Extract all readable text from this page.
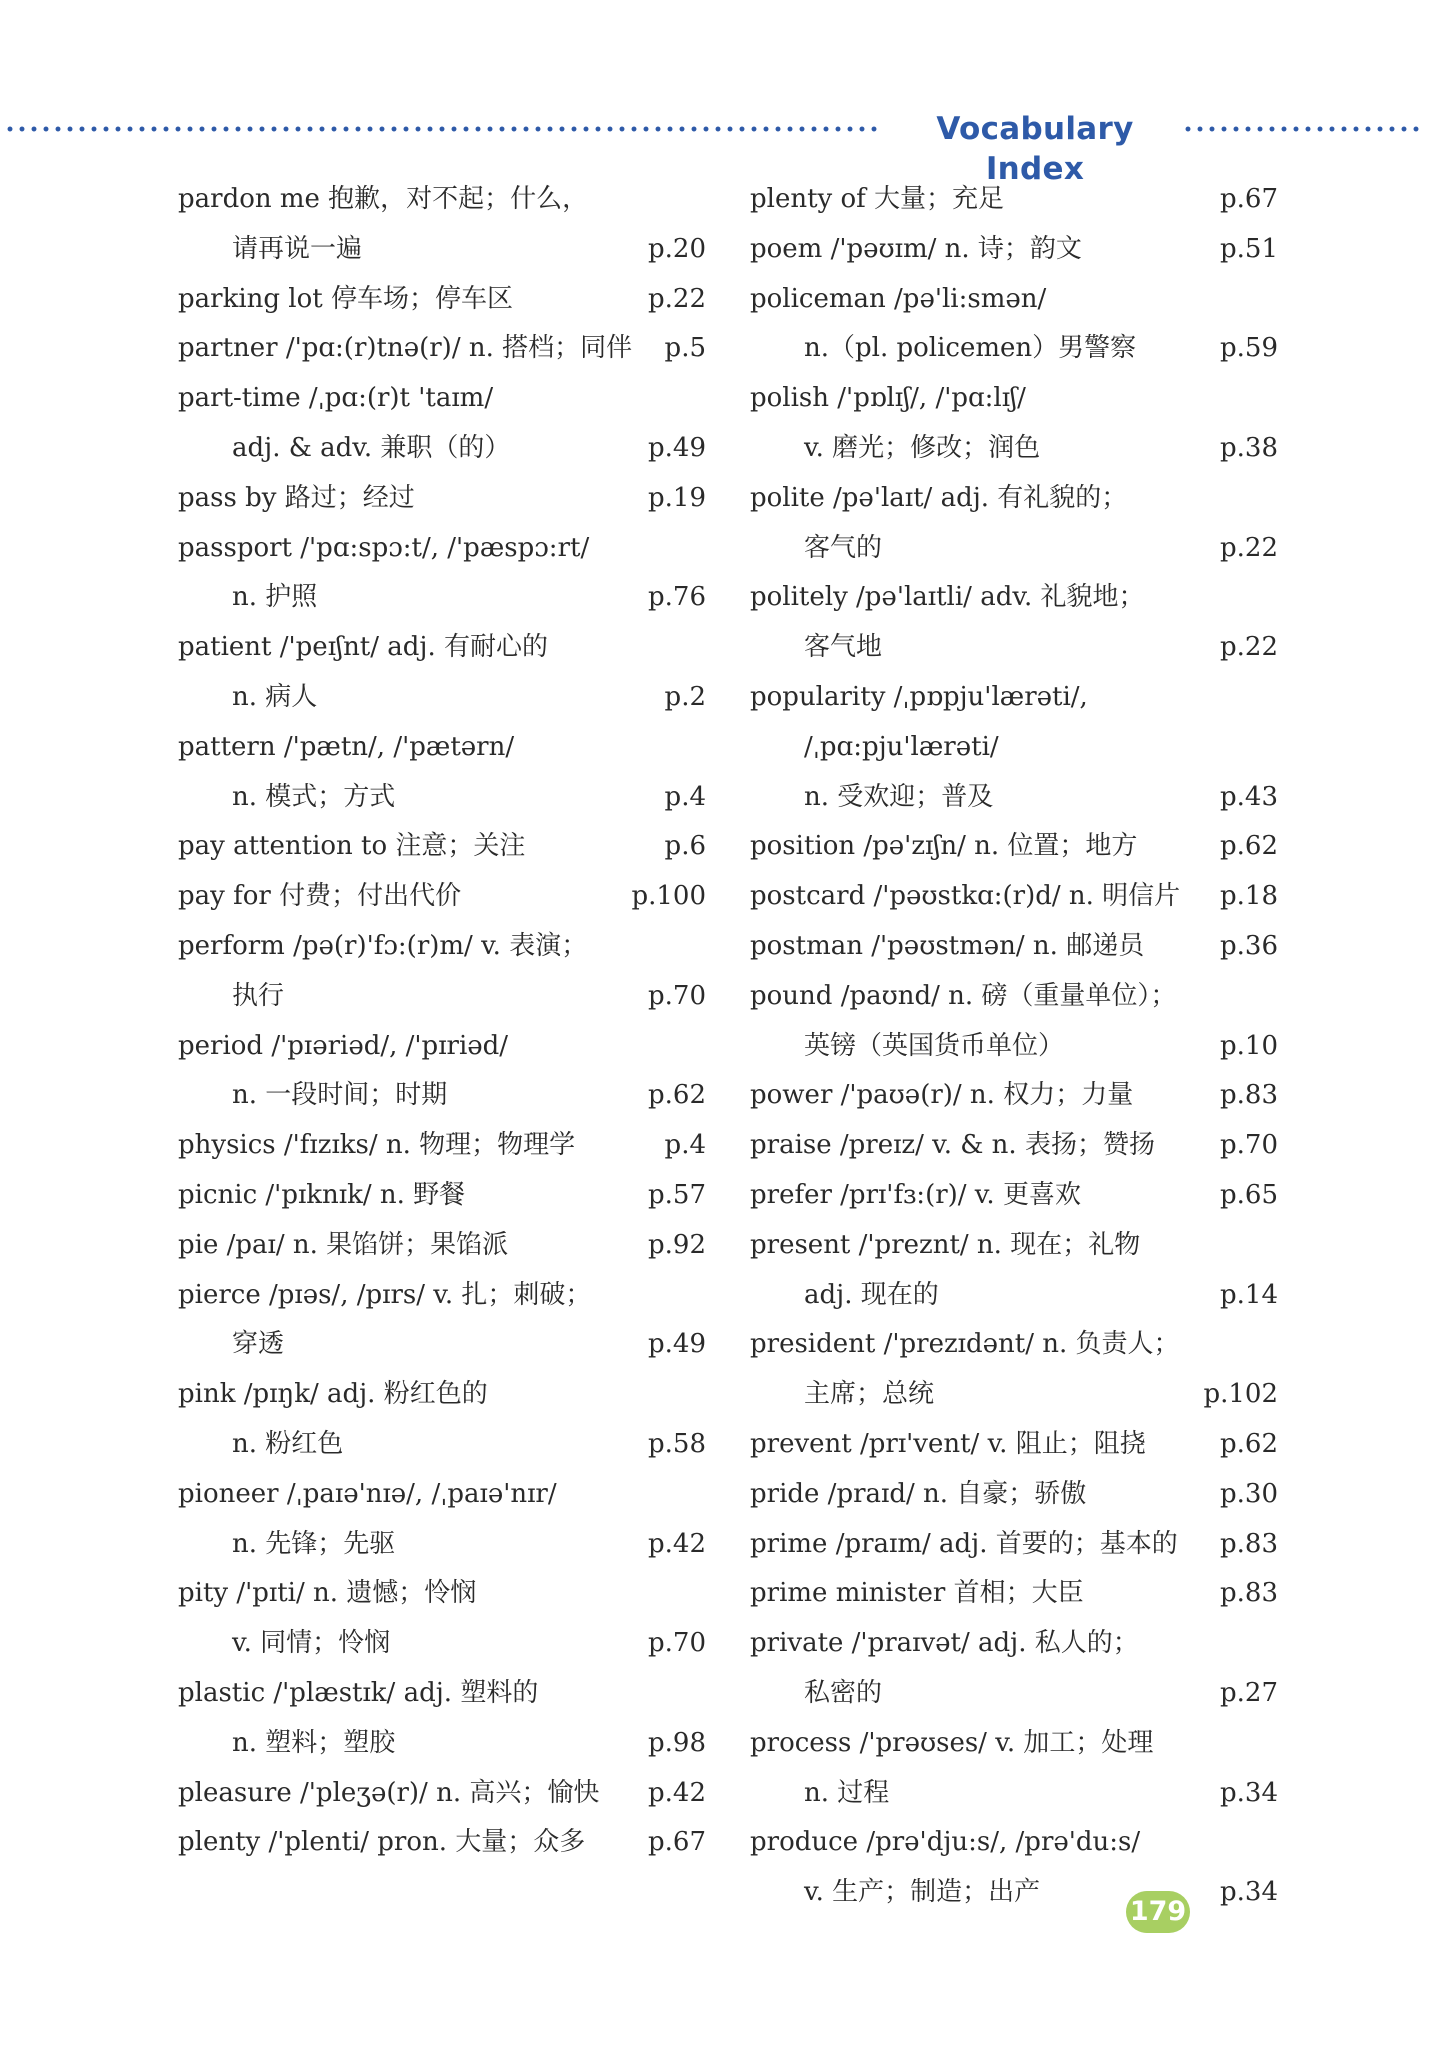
Vocabulary Index
pardon me 抱歉，对不起；什么，
请再说一遍	p.20
parking lot 停车场；停车区	p.22
partner /'pɑ:(r)tnə(r)/ n. 搭档；同伴 p.5
part-time /ˌpɑ:(r)t 'taɪm/
adj. & adv. 兼职（的）	p.49
pass by 路过；经过	p.19
passport /'pɑ:spɔ:t/, /'pæspɔ:rt/
n. 护照	p.76
patient /'peɪʃnt/ adj. 有耐心的
n. 病人	p.2
pattern /'pætn/, /'pætərn/
n. 模式；方式	p.4
pay attention to 注意；关注	p.6
pay for 付费；付出代价	p.100
perform /pə(r)'fɔ:(r)m/ v. 表演；
执行	p.70
period /'pɪəriəd/, /'pɪriəd/
n. 一段时间；时期	p.62
physics /'fɪzɪks/ n. 物理；物理学	p.4
picnic /'pɪknɪk/ n. 野餐	p.57
pie /paɪ/ n. 果馅饼；果馅派	p.92
pierce /pɪəs/, /pɪrs/ v. 扎；刺破；
穿透	p.49
pink /pɪŋk/ adj. 粉红色的
n. 粉红色	p.58
pioneer /ˌpaɪə'nɪə/, /ˌpaɪə'nɪr/
n. 先锋；先驱	p.42
pity /'pɪti/ n. 遗憾；怜悯
v. 同情；怜悯	p.70
plastic /'plæstɪk/ adj. 塑料的
n. 塑料；塑胶	p.98
pleasure /'pleʒə(r)/ n. 高兴；愉快 p.42
plenty /'plenti/ pron. 大量；众多 p.67
plenty of 大量；充足	p.67
poem /'pəʊɪm/ n. 诗；韵文	p.51
policeman /pə'li:smən/
n.（pl. policemen）男警察	p.59
polish /'pɒlɪʃ/, /'pɑ:lɪʃ/
v. 磨光；修改；润色	p.38
polite /pə'laɪt/ adj. 有礼貌的；
客气的	p.22
politely /pə'laɪtli/ adv. 礼貌地；
客气地	p.22
popularity /ˌpɒpju'lærəti/,
/ˌpɑ:pju'lærəti/
n. 受欢迎；普及	p.43
position /pə'zɪʃn/ n. 位置；地方	p.62
postcard /'pəʊstkɑ:(r)d/ n. 明信片 p.18
postman /'pəʊstmən/ n. 邮递员	p.36
pound /paʊnd/ n. 磅（重量单位）；
英镑（英国货币单位）	p.10
power /'paʊə(r)/ n. 权力；力量	p.83
praise /preɪz/ v. & n. 表扬；赞扬	p.70
prefer /prɪ'fɜ:(r)/ v. 更喜欢	p.65
present /'preznt/ n. 现在；礼物
adj. 现在的	p.14
president /'prezɪdənt/ n. 负责人；
主席；总统	p.102
prevent /prɪ'vent/ v. 阻止；阻挠	p.62
pride /praɪd/ n. 自豪；骄傲	p.30
prime /praɪm/ adj. 首要的；基本的 p.83
prime minister 首相；大臣	p.83
private /'praɪvət/ adj. 私人的；
私密的	p.27
process /'prəʊses/ v. 加工；处理
n. 过程	p.34
produce /prə'dju:s/, /prə'du:s/
v. 生产；制造；出产	p.34
179
